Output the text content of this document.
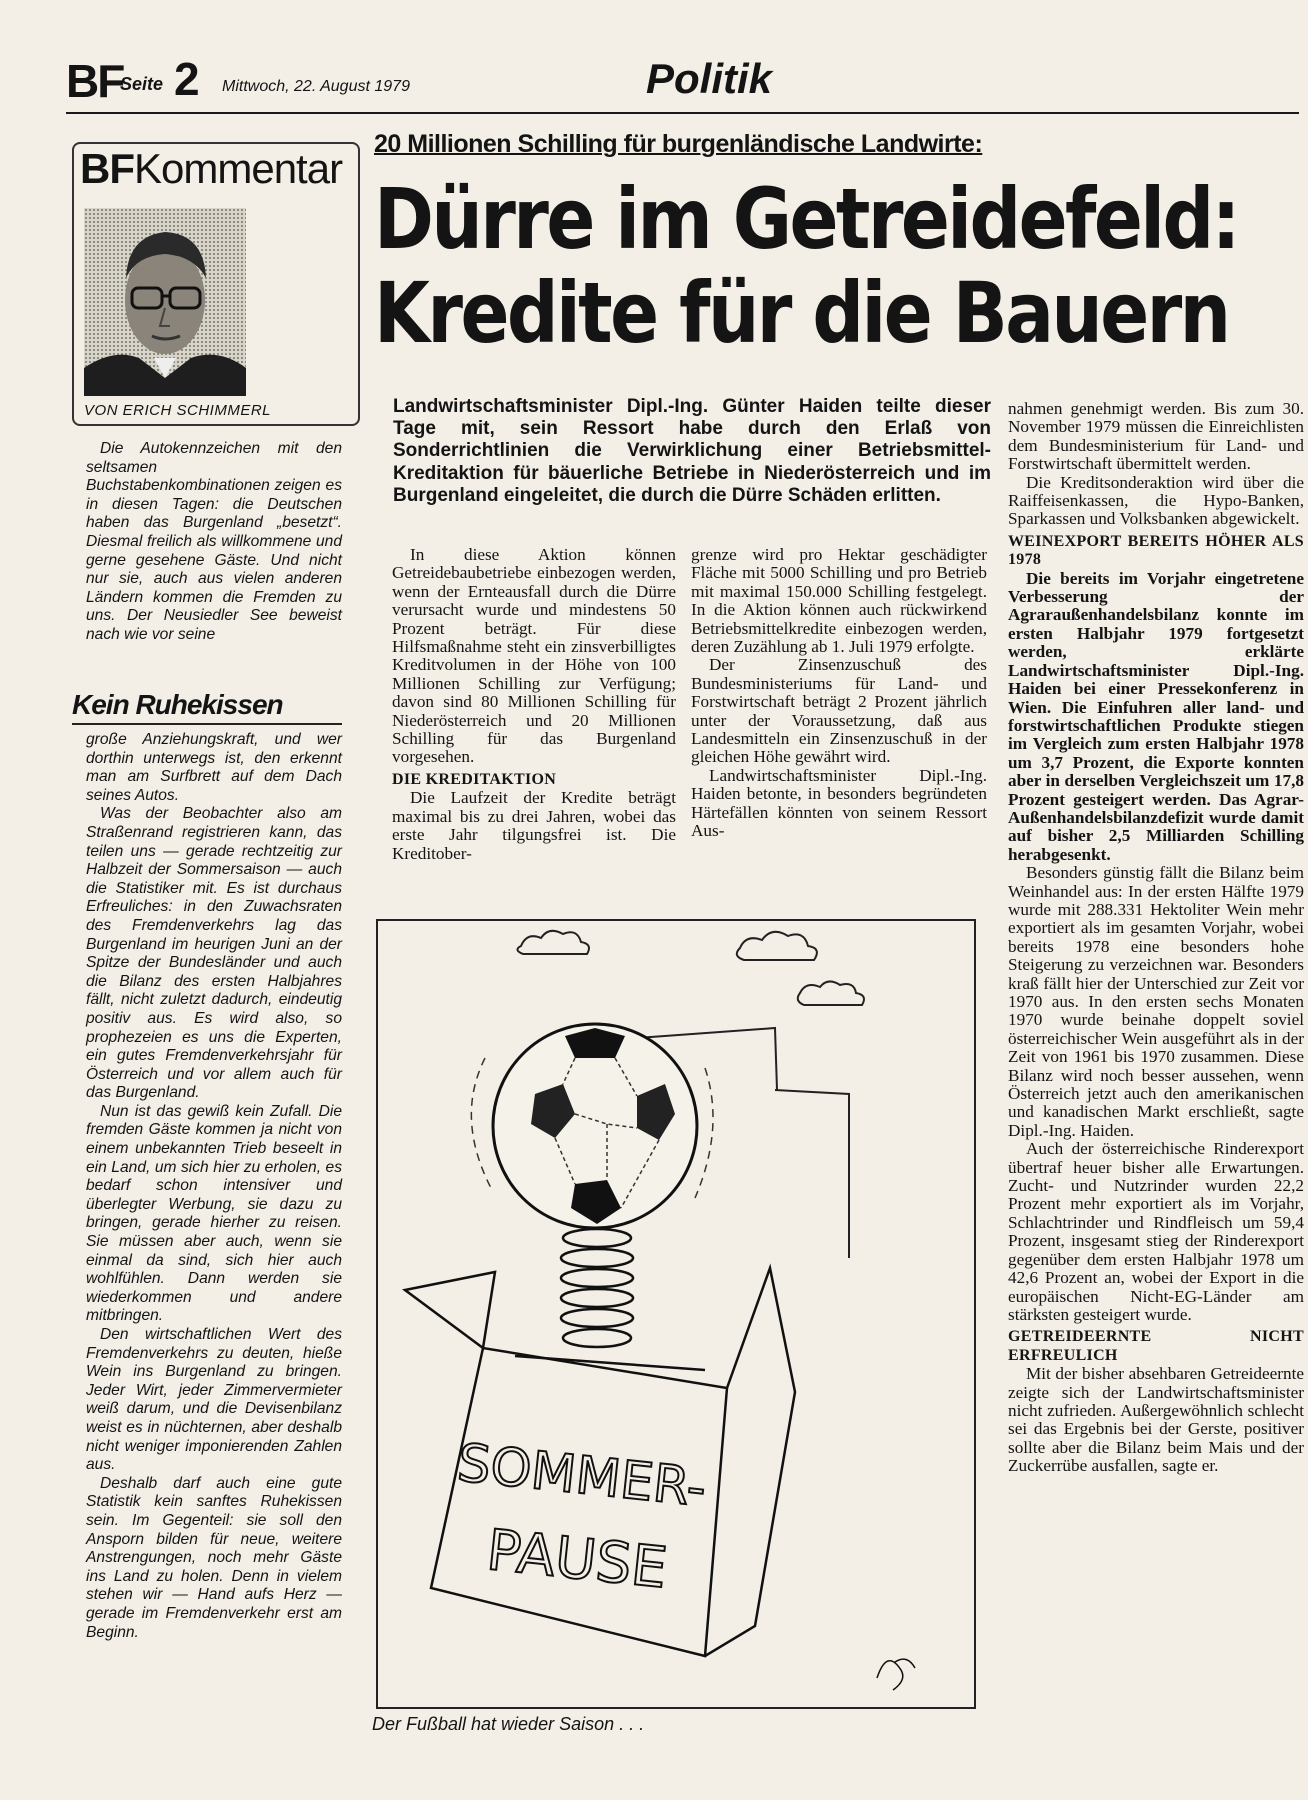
BF
Seite 2 Mittwoch, 22. August 1979	Politik
BFKommentar
VON ERICH SCHIMMERL

Die Autokennzeichen mit den seltsamen Buchstabenkombinationen zeigen es in diesen Tagen: die Deutschen haben das Burgenland „besetzt“. Diesmal freilich als willkommene und gerne gesehene Gäste. Und nicht nur sie, auch aus vielen anderen Ländern kommen die Fremden zu uns. Der Neusiedler See beweist nach wie vor seine

Kein Ruhekissen

große Anziehungskraft, und wer dorthin unterwegs ist, den erkennt man am Surfbrett auf dem Dach seines Autos.

Was der Beobachter also am Straßenrand registrieren kann, das teilen uns — gerade rechtzeitig zur Halbzeit der Sommersaison — auch die Statistiker mit. Es ist durchaus Erfreuliches: in den Zuwachsraten des Fremdenverkehrs lag das Burgenland im heurigen Juni an der Spitze der Bundesländer und auch die Bilanz des ersten Halbjahres fällt, nicht zuletzt dadurch, eindeutig positiv aus. Es wird also, so prophezeien es uns die Experten, ein gutes Fremdenverkehrsjahr für Österreich und vor allem auch für das Burgenland.

Nun ist das gewiß kein Zufall. Die fremden Gäste kommen ja nicht von einem unbekannten Trieb beseelt in ein Land, um sich hier zu erholen, es bedarf schon intensiver und überlegter Werbung, sie dazu zu bringen, gerade hierher zu reisen. Sie müssen aber auch, wenn sie einmal da sind, sich hier auch wohlfühlen. Dann werden sie wiederkommen und andere mitbringen.

Den wirtschaftlichen Wert des Fremdenverkehrs zu deuten, hieße Wein ins Burgenland zu bringen. Jeder Wirt, jeder Zimmervermieter weiß darum, und die Devisenbilanz weist es in nüchternen, aber deshalb nicht weniger imponierenden Zahlen aus.

Deshalb darf auch eine gute Statistik kein sanftes Ruhekissen sein. Im Gegenteil: sie soll den Ansporn bilden für neue, weitere Anstrengungen, noch mehr Gäste ins Land zu holen. Denn in vielem stehen wir — Hand aufs Herz — gerade im Fremdenverkehr erst am Beginn.

20 Millionen Schilling für burgenländische Landwirte:
Dürre im Getreidefeld:
Kredite für die Bauern
Landwirtschaftsminister Dipl.-Ing. Günter Haiden teilte dieser Tage mit, sein Ressort habe durch den Erlaß von Sonderrichtlinien die Verwirklichung einer Betriebsmittel-Kreditaktion für bäuerliche Betriebe in Niederösterreich und im Burgenland eingeleitet, die durch die Dürre Schäden erlitten.

In diese Aktion können Getreidebaubetriebe einbezogen werden, wenn der Ernteausfall durch die Dürre verursacht wurde und mindestens 50 Prozent beträgt. Für diese Hilfsmaßnahme steht ein zinsverbilligtes Kreditvolumen in der Höhe von 100 Millionen Schilling zur Verfügung; davon sind 80 Millionen Schilling für Niederösterreich und 20 Millionen Schilling für das Burgenland vorgesehen.

DIE KREDITAKTION

Die Laufzeit der Kredite beträgt maximal bis zu drei Jahren, wobei das erste Jahr tilgungsfrei ist. Die Kreditober-

grenze wird pro Hektar geschädigter Fläche mit 5000 Schilling und pro Betrieb mit maximal 150.000 Schilling festgelegt. In die Aktion können auch rückwirkend Betriebsmittelkredite einbezogen werden, deren Zuzählung ab 1. Juli 1979 erfolgte.

Der Zinsenzuschuß des Bundesministeriums für Land- und Forstwirtschaft beträgt 2 Prozent jährlich unter der Voraussetzung, daß aus Landesmitteln ein Zinsenzuschuß in der gleichen Höhe gewährt wird.

Landwirtschaftsminister Dipl.-Ing. Haiden betonte, in besonders begründeten Härtefällen könnten von seinem Ressort Aus-

nahmen genehmigt werden. Bis zum 30. November 1979 müssen die Einreichlisten dem Bundesministerium für Land- und Forstwirtschaft übermittelt werden.

Die Kreditsonderaktion wird über die Raiffeisenkassen, die Hypo-Banken, Sparkassen und Volksbanken abgewickelt.

WEINEXPORT BEREITS HÖHER ALS 1978

Die bereits im Vorjahr eingetretene Verbesserung der Agraraußenhandelsbilanz konnte im ersten Halbjahr 1979 fortgesetzt werden, erklärte Landwirtschaftsminister Dipl.-Ing. Haiden bei einer Pressekonferenz in Wien. Die Einfuhren aller land- und forstwirtschaftlichen Produkte stiegen im Vergleich zum ersten Halbjahr 1978 um 3,7 Prozent, die Exporte konnten aber in derselben Vergleichszeit um 17,8 Prozent gesteigert werden. Das Agrar-Außenhandelsbilanzdefizit wurde damit auf bisher 2,5 Milliarden Schilling herabgesenkt.

Besonders günstig fällt die Bilanz beim Weinhandel aus: In der ersten Hälfte 1979 wurde mit 288.331 Hektoliter Wein mehr exportiert als im gesamten Vorjahr, wobei bereits 1978 eine besonders hohe Steigerung zu verzeichnen war. Besonders kraß fällt hier der Unterschied zur Zeit vor 1970 aus. In den ersten sechs Monaten 1970 wurde beinahe doppelt soviel österreichischer Wein ausgeführt als in der Zeit von 1961 bis 1970 zusammen. Diese Bilanz wird noch besser aussehen, wenn Österreich jetzt auch den amerikanischen und kanadischen Markt erschließt, sagte Dipl.-Ing. Haiden.

Auch der österreichische Rinderexport übertraf heuer bisher alle Erwartungen. Zucht- und Nutzrinder wurden 22,2 Prozent mehr exportiert als im Vorjahr, Schlachtrinder und Rindfleisch um 59,4 Prozent, insgesamt stieg der Rinderexport gegenüber dem ersten Halbjahr 1978 um 42,6 Prozent an, wobei der Export in die europäischen Nicht-EG-Länder am stärksten gesteigert wurde.

GETREIDEERNTE NICHT ERFREULICH

Mit der bisher absehbaren Getreideernte zeigte sich der Landwirtschaftsminister nicht zufrieden. Außergewöhnlich schlecht sei das Ergebnis bei der Gerste, positiver sollte aber die Bilanz beim Mais und der Zuckerrübe ausfallen, sagte er.

SOMMER-
PAUSE
Der Fußball hat wieder Saison . . .
